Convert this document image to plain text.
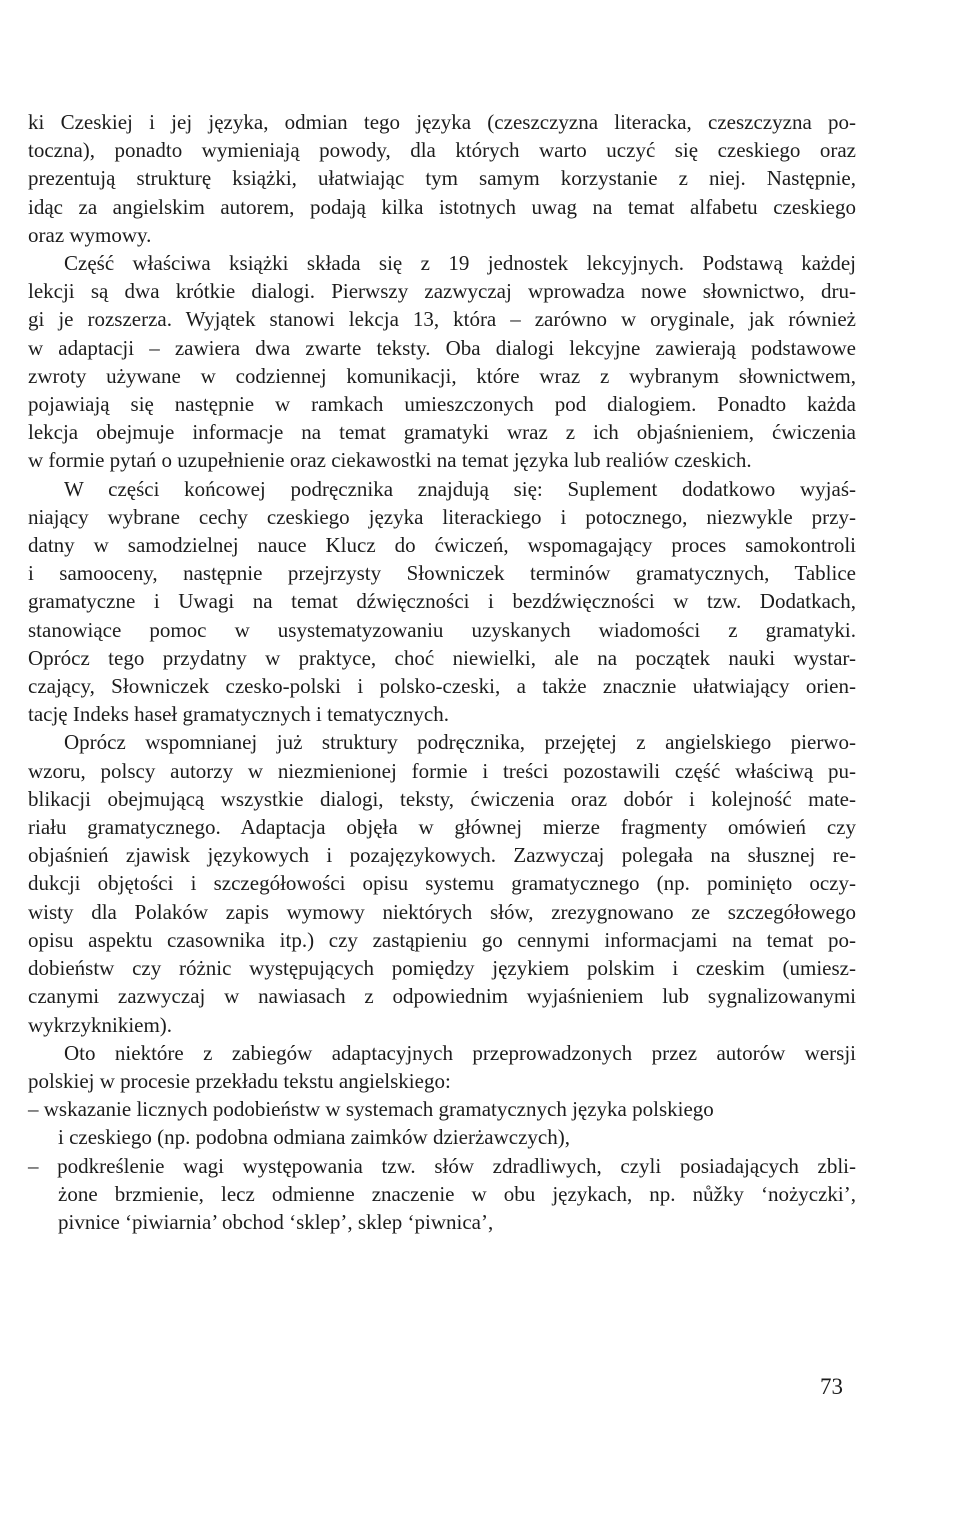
ki Czeskiej i jej języka, odmian tego języka (czeszczyzna literacka, czeszczyzna po-
toczna), ponadto wymieniają powody, dla których warto uczyć się czeskiego oraz
prezentują strukturę książki, ułatwiając tym samym korzystanie z niej. Następnie,
idąc za angielskim autorem, podają kilka istotnych uwag na temat alfabetu czeskiego
oraz wymowy.
Część właściwa książki składa się z 19 jednostek lekcyjnych. Podstawą każdej
lekcji są dwa krótkie dialogi. Pierwszy zazwyczaj wprowadza nowe słownictwo, dru-
gi je rozszerza. Wyjątek stanowi lekcja 13, która – zarówno w oryginale, jak również
w adaptacji – zawiera dwa zwarte teksty. Oba dialogi lekcyjne zawierają podstawowe
zwroty używane w codziennej komunikacji, które wraz z wybranym słownictwem,
pojawiają się następnie w ramkach umieszczonych pod dialogiem. Ponadto każda
lekcja obejmuje informacje na temat gramatyki wraz z ich objaśnieniem, ćwiczenia
w formie pytań o uzupełnienie oraz ciekawostki na temat języka lub realiów czeskich.
W części końcowej podręcznika znajdują się: Suplement dodatkowo wyjaś-
niający wybrane cechy czeskiego języka literackiego i potocznego, niezwykle przy-
datny w samodzielnej nauce Klucz do ćwiczeń, wspomagający proces samokontroli
i samooceny, następnie przejrzysty Słowniczek terminów gramatycznych, Tablice
gramatyczne i Uwagi na temat dźwięczności i bezdźwięczności w tzw. Dodatkach,
stanowiące pomoc w usystematyzowaniu uzyskanych wiadomości z gramatyki.
Oprócz tego przydatny w praktyce, choć niewielki, ale na początek nauki wystar-
czający, Słowniczek czesko-polski i polsko-czeski, a także znacznie ułatwiający orien-
tację Indeks haseł gramatycznych i tematycznych.
Oprócz wspomnianej już struktury podręcznika, przejętej z angielskiego pierwo-
wzoru, polscy autorzy w niezmienionej formie i treści pozostawili część właściwą pu-
blikacji obejmującą wszystkie dialogi, teksty, ćwiczenia oraz dobór i kolejność mate-
riału gramatycznego. Adaptacja objęła w głównej mierze fragmenty omówień czy
objaśnień zjawisk językowych i pozajęzykowych. Zazwyczaj polegała na słusznej re-
dukcji objętości i szczegółowości opisu systemu gramatycznego (np. pominięto oczy-
wisty dla Polaków zapis wymowy niektórych słów, zrezygnowano ze szczegółowego
opisu aspektu czasownika itp.) czy zastąpieniu go cennymi informacjami na temat po-
dobieństw czy różnic występujących pomiędzy językiem polskim i czeskim (umiesz-
czanymi zazwyczaj w nawiasach z odpowiednim wyjaśnieniem lub sygnalizowanymi
wykrzyknikiem).
Oto niektóre z zabiegów adaptacyjnych przeprowadzonych przez autorów wersji
polskiej w procesie przekładu tekstu angielskiego:
– wskazanie licznych podobieństw w systemach gramatycznych języka polskiego
i czeskiego (np. podobna odmiana zaimków dzierżawczych),
– podkreślenie wagi występowania tzw. słów zdradliwych, czyli posiadających zbli-
żone brzmienie, lecz odmienne znaczenie w obu językach, np. nůžky ‘nożyczki’,
pivnice ‘piwiarnia’ obchod ‘sklep’, sklep ‘piwnica’,
73
